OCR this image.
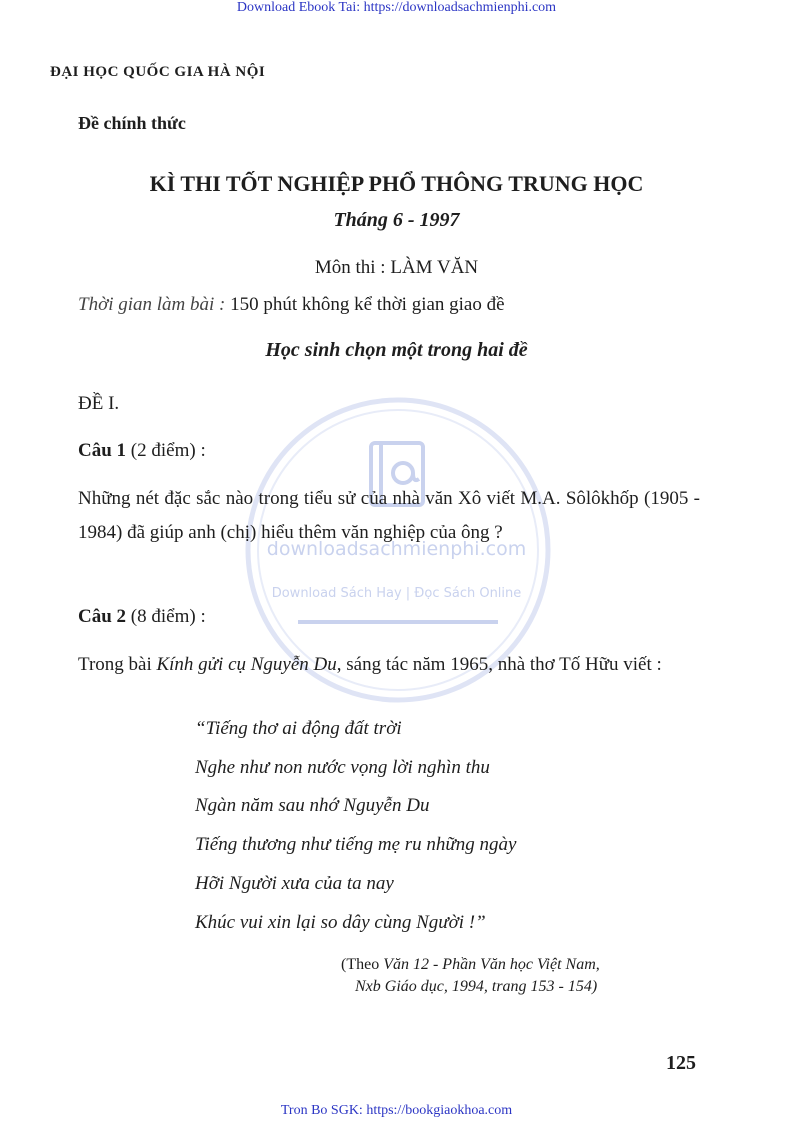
downloadsachmienphi.com
Download Sách Hay | Đọc Sách Online
Download Ebook Tai: https://downloadsachmienphi.com
Tron Bo SGK: https://bookgiaokhoa.com
ĐẠI HỌC QUỐC GIA HÀ NỘI
Đề chính thức
KÌ THI TỐT NGHIỆP PHỔ THÔNG TRUNG HỌC
Tháng 6 - 1997
Môn thi : LÀM VĂN
Thời gian làm bài : 150 phút không kể thời gian giao đề
Học sinh chọn một trong hai đề
ĐỀ I.
Câu 1 (2 điểm) :
Những nét đặc sắc nào trong tiểu sử của nhà văn Xô viết M.A. Sôlôkhốp (1905 - 1984) đã giúp anh (chị) hiểu thêm văn nghiệp của ông ?
Câu 2 (8 điểm) :
Trong bài Kính gửi cụ Nguyễn Du, sáng tác năm 1965, nhà thơ Tố Hữu viết :
“Tiếng thơ ai động đất trời
Nghe như non nước vọng lời nghìn thu
Ngàn năm sau nhớ Nguyễn Du
Tiếng thương như tiếng mẹ ru những ngày
Hỡi Người xưa của ta nay
Khúc vui xin lại so dây cùng Người !”
(Theo Văn 12 - Phần Văn học Việt Nam,
Nxb Giáo dục, 1994, trang 153 - 154)
125
